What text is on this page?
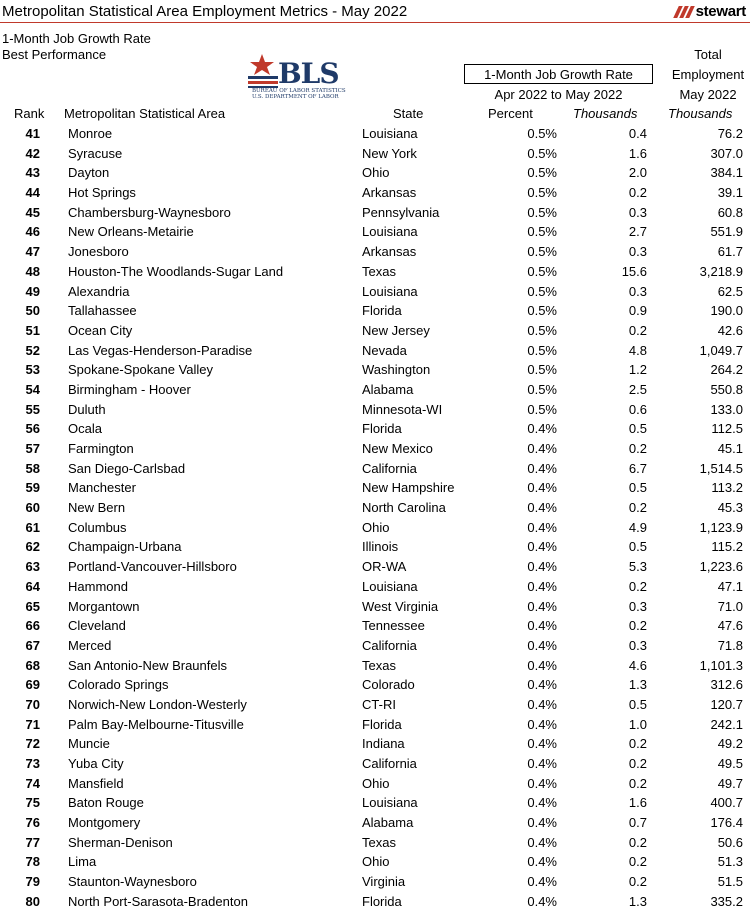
Metropolitan Statistical Area Employment Metrics - May 2022	stewart
1-Month Job Growth Rate
Best Performance
BLS
BUREAU OF LABOR STATISTICS
U.S. DEPARTMENT OF LABOR
1-Month Job Growth Rate
Apr 2022 to May 2022
Total
Employment
May 2022
Rank Metropolitan Statistical Area	State	Percent	Thousands Thousands
41 Monroe	Louisiana	0.5%	0.4	76.2
42 Syracuse	New York	0.5%	1.6	307.0
43 Dayton	Ohio	0.5%	2.0	384.1
44 Hot Springs	Arkansas	0.5%	0.2	39.1
45 Chambersburg-Waynesboro	Pennsylvania	0.5%	0.3	60.8
46 New Orleans-Metairie	Louisiana	0.5%	2.7	551.9
47 Jonesboro	Arkansas	0.5%	0.3	61.7
48 Houston-The Woodlands-Sugar Land	Texas	0.5%	15.6	3,218.9
49 Alexandria	Louisiana	0.5%	0.3	62.5
50 Tallahassee	Florida	0.5%	0.9	190.0
51 Ocean City	New Jersey	0.5%	0.2	42.6
52 Las Vegas-Henderson-Paradise	Nevada	0.5%	4.8	1,049.7
53 Spokane-Spokane Valley	Washington	0.5%	1.2	264.2
54 Birmingham - Hoover	Alabama	0.5%	2.5	550.8
55 Duluth	Minnesota-WI	0.5%	0.6	133.0
56 Ocala	Florida	0.4%	0.5	112.5
57 Farmington	New Mexico	0.4%	0.2	45.1
58 San Diego-Carlsbad	California	0.4%	6.7	1,514.5
59 Manchester	New Hampshire	0.4%	0.5	113.2
60 New Bern	North Carolina	0.4%	0.2	45.3
61 Columbus	Ohio	0.4%	4.9	1,123.9
62 Champaign-Urbana	Illinois	0.4%	0.5	115.2
63 Portland-Vancouver-Hillsboro	OR-WA	0.4%	5.3	1,223.6
64 Hammond	Louisiana	0.4%	0.2	47.1
65 Morgantown	West Virginia	0.4%	0.3	71.0
66 Cleveland	Tennessee	0.4%	0.2	47.6
67 Merced	California	0.4%	0.3	71.8
68 San Antonio-New Braunfels	Texas	0.4%	4.6	1,101.3
69 Colorado Springs	Colorado	0.4%	1.3	312.6
70 Norwich-New London-Westerly	CT-RI	0.4%	0.5	120.7
71 Palm Bay-Melbourne-Titusville	Florida	0.4%	1.0	242.1
72 Muncie	Indiana	0.4%	0.2	49.2
73 Yuba City	California	0.4%	0.2	49.5
74 Mansfield	Ohio	0.4%	0.2	49.7
75 Baton Rouge	Louisiana	0.4%	1.6	400.7
76 Montgomery	Alabama	0.4%	0.7	176.4
77 Sherman-Denison	Texas	0.4%	0.2	50.6
78 Lima	Ohio	0.4%	0.2	51.3
79 Staunton-Waynesboro	Virginia	0.4%	0.2	51.5
80 North Port-Sarasota-Bradenton	Florida	0.4%	1.3	335.2
